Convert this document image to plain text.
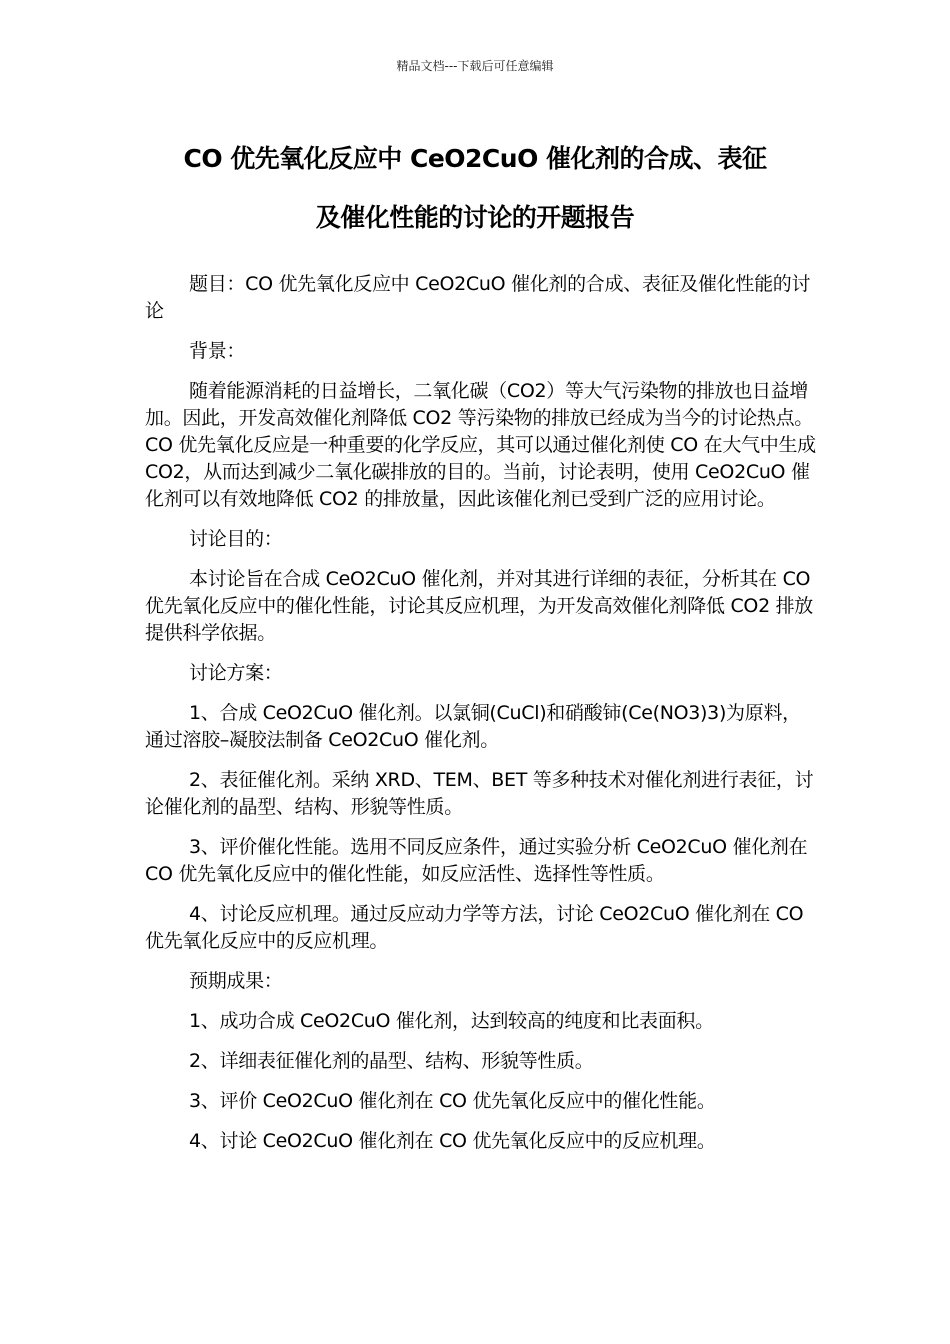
精品文档---下载后可任意编辑
CO 优先氧化反应中 CeO2CuO 催化剂的合成、表征
及催化性能的讨论的开题报告

题目：CO 优先氧化反应中 CeO2CuO 催化剂的合成、表征及催化性能的讨论

背景：

随着能源消耗的日益增长，二氧化碳（CO2）等大气污染物的排放也日益增加。因此，开发高效催化剂降低 CO2 等污染物的排放已经成为当今的讨论热点。CO 优先氧化反应是一种重要的化学反应，其可以通过催化剂使 CO 在大气中生成 CO2，从而达到减少二氧化碳排放的目的。当前，讨论表明，使用 CeO2CuO 催化剂可以有效地降低 CO2 的排放量，因此该催化剂已受到广泛的应用讨论。

讨论目的：

本讨论旨在合成 CeO2CuO 催化剂，并对其进行详细的表征，分析其在 CO 优先氧化反应中的催化性能，讨论其反应机理，为开发高效催化剂降低 CO2 排放提供科学依据。

讨论方案：

1、合成 CeO2CuO 催化剂。以氯铜(CuCl)和硝酸铈(Ce(NO3)3)为原料，通过溶胶–凝胶法制备 CeO2CuO 催化剂。

2、表征催化剂。采纳 XRD、TEM、BET 等多种技术对催化剂进行表征，讨论催化剂的晶型、结构、形貌等性质。

3、评价催化性能。选用不同反应条件，通过实验分析 CeO2CuO 催化剂在 CO 优先氧化反应中的催化性能，如反应活性、选择性等性质。

4、讨论反应机理。通过反应动力学等方法，讨论 CeO2CuO 催化剂在 CO 优先氧化反应中的反应机理。

预期成果：

1、成功合成 CeO2CuO 催化剂，达到较高的纯度和比表面积。

2、详细表征催化剂的晶型、结构、形貌等性质。

3、评价 CeO2CuO 催化剂在 CO 优先氧化反应中的催化性能。

4、讨论 CeO2CuO 催化剂在 CO 优先氧化反应中的反应机理。
